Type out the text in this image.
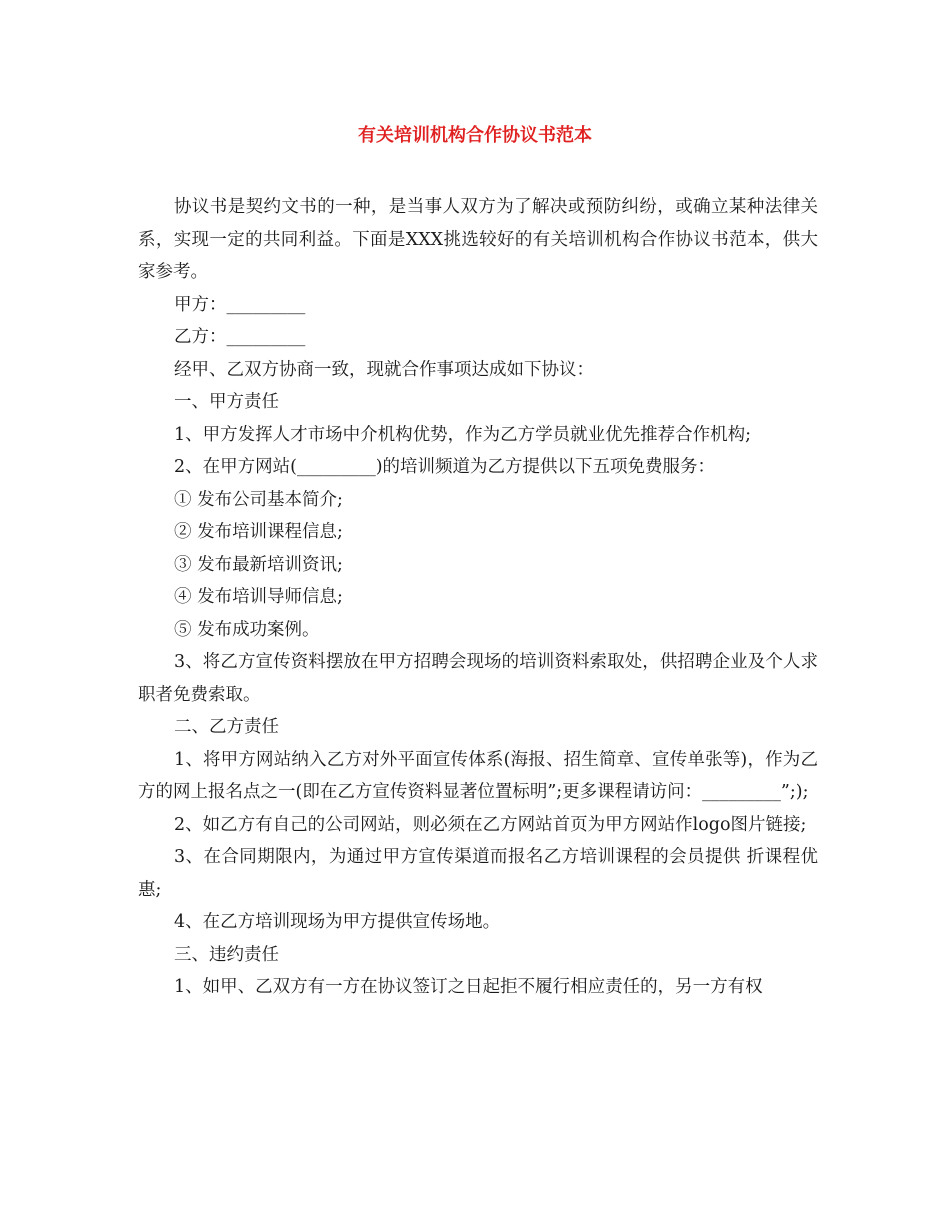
有关培训机构合作协议书范本

协议书是契约文书的一种，是当事人双方为了解决或预防纠纷，或确立某种法律关系，实现一定的共同利益。下面是XXX挑选较好的有关培训机构合作协议书范本，供大家参考。

甲方：_________

乙方：_________

经甲、乙双方协商一致，现就合作事项达成如下协议：

一、甲方责任

1、甲方发挥人才市场中介机构优势，作为乙方学员就业优先推荐合作机构;

2、在甲方网站(_________)的培训频道为乙方提供以下五项免费服务：

① 发布公司基本简介;

② 发布培训课程信息;

③ 发布最新培训资讯;

④ 发布培训导师信息;

⑤ 发布成功案例。

3、将乙方宣传资料摆放在甲方招聘会现场的培训资料索取处，供招聘企业及个人求职者免费索取。

二、乙方责任

1、将甲方网站纳入乙方对外平面宣传体系(海报、招生简章、宣传单张等)，作为乙方的网上报名点之一(即在乙方宣传资料显著位置标明”;更多课程请访问：_________”;);

2、如乙方有自己的公司网站，则必须在乙方网站首页为甲方网站作logo图片链接;

3、在合同期限内，为通过甲方宣传渠道而报名乙方培训课程的会员提供 折课程优惠;

4、在乙方培训现场为甲方提供宣传场地。

三、违约责任

1、如甲、乙双方有一方在协议签订之日起拒不履行相应责任的，另一方有权
